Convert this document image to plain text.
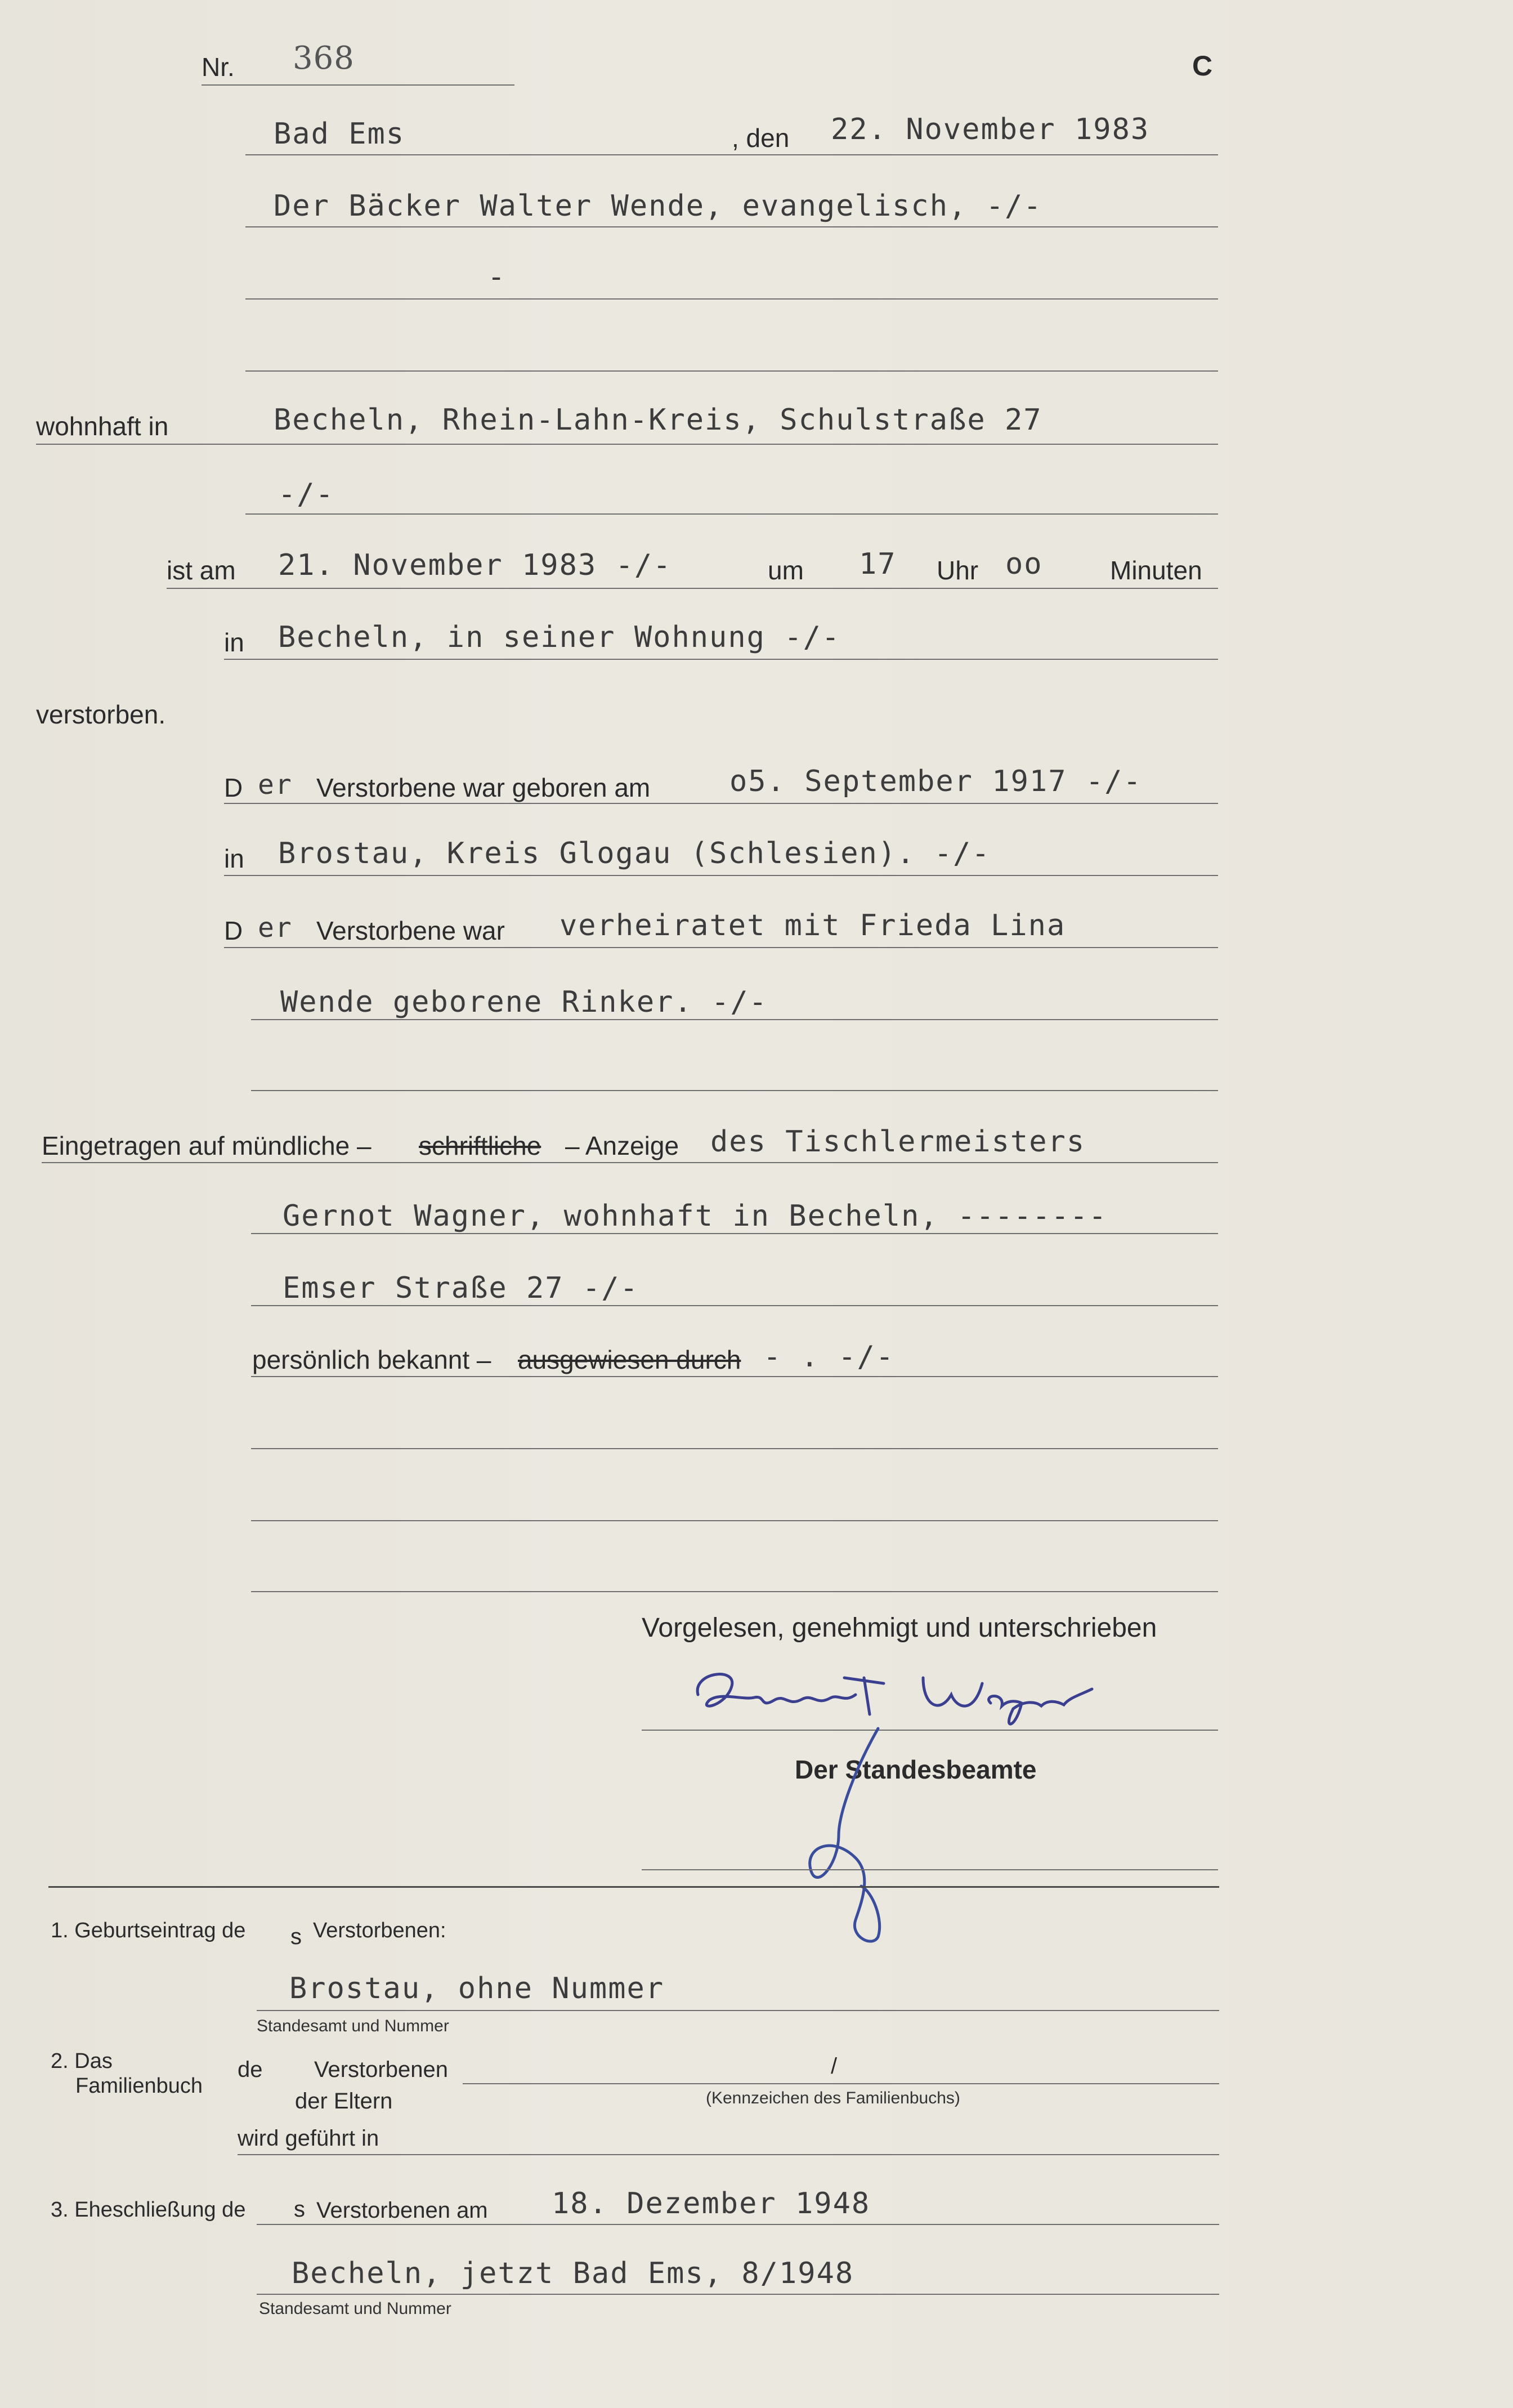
Nr. 368	C
Bad Ems	, den 22. November 1983
Der Bäcker Walter Wende, evangelisch, -/-
-
wohnhaft in	Becheln, Rhein-Lahn-Kreis, Schulstraße 27
-/-
ist am 21. November 1983 -/-	um 17 Uhr oo	Minuten
in Becheln, in seiner Wohnung -/-
verstorben.
D er Verstorbene war geboren am	o5. September 1917 -/-
in Brostau, Kreis Glogau (Schlesien). -/-
D er Verstorbene war verheiratet mit Frieda Lina
Wende geborene Rinker. -/-
Eingetragen auf mündliche – schriftliche – Anzeige des Tischlermeisters
Gernot Wagner, wohnhaft in Becheln, --------
Emser Straße 27 -/-
persönlich bekannt – ausgewiesen durch - . -/-
Vorgelesen, genehmigt und unterschrieben
Der Standesbeamte
1. Geburtseintrag de s Verstorbenen:
Brostau, ohne Nummer
Standesamt und Nummer
2. Das
Familienbuch
de Verstorbenen
der Eltern
/
(Kennzeichen des Familienbuchs)
wird geführt in
3. Eheschließung de s Verstorbenen am 18. Dezember 1948
Becheln, jetzt Bad Ems, 8/1948
Standesamt und Nummer
